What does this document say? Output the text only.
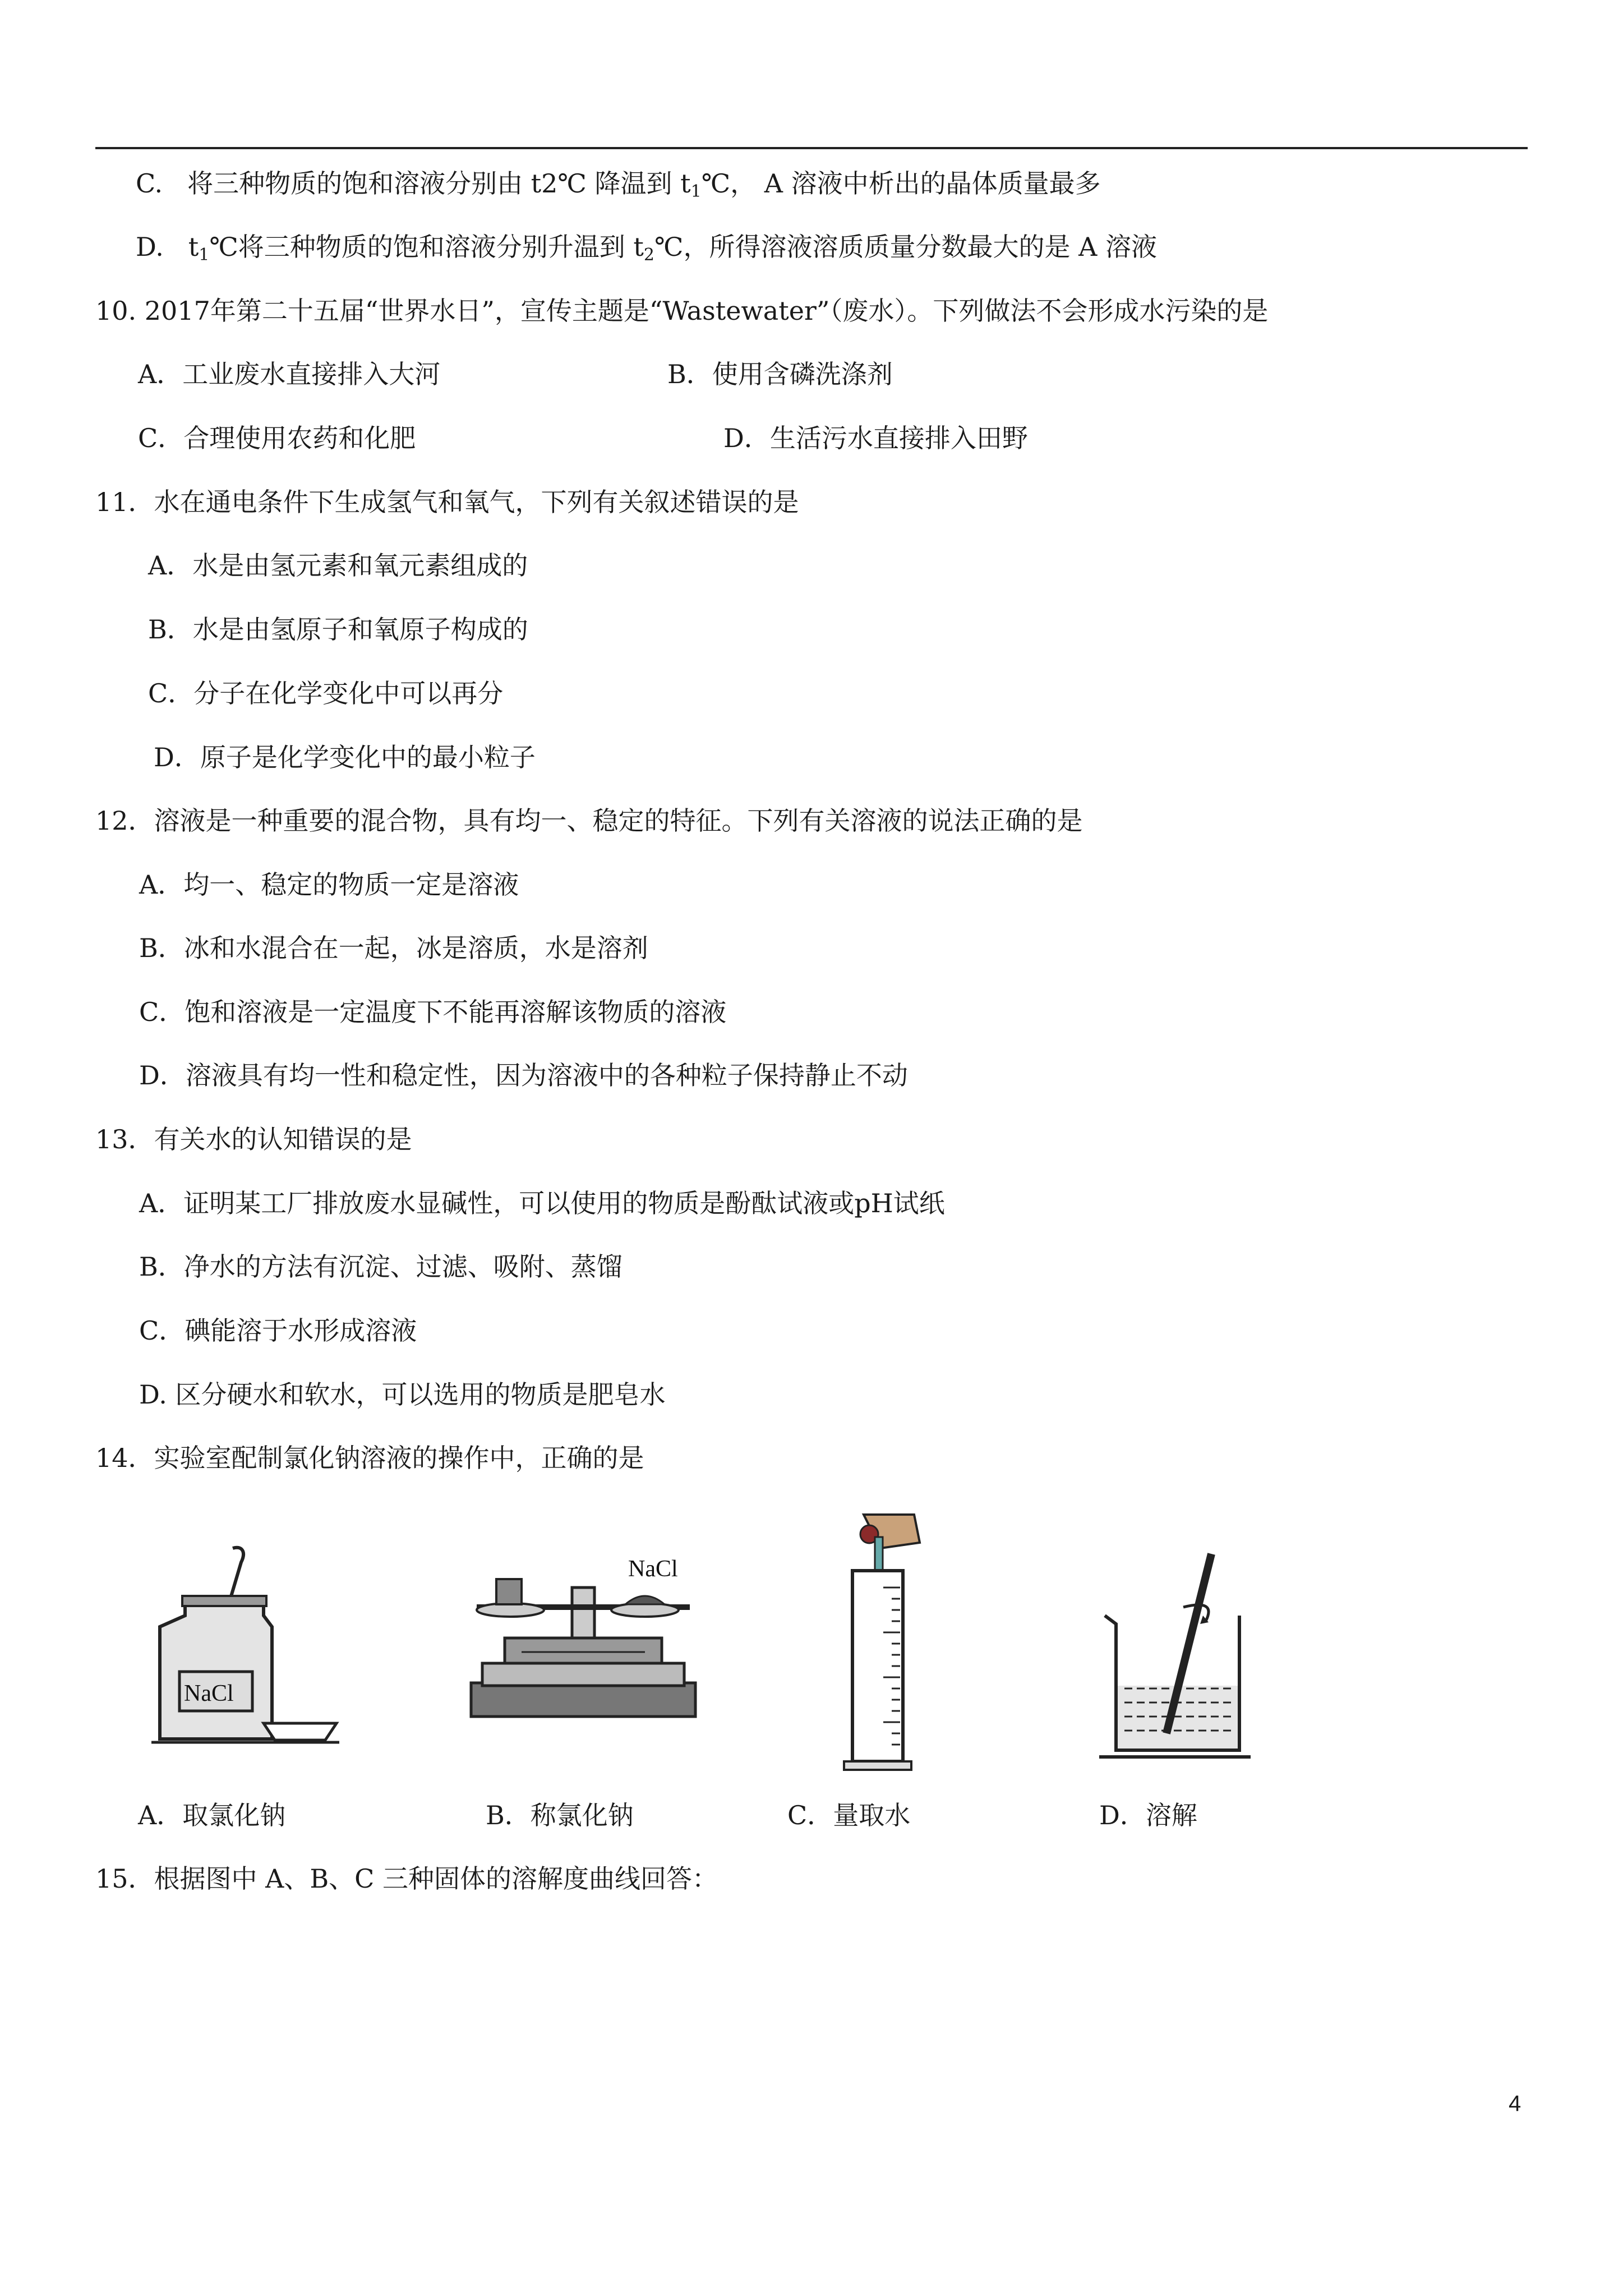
C. 将三种物质的饱和溶液分别由 t2℃ 降温到 $t_1℃$， A 溶液中析出的晶体质量最多
D. $t_1℃$将三种物质的饱和溶液分别升温到 $t_2℃$，所得溶液溶质质量分数最大的是 A 溶液
10. 2017年第二十五届“世界水日”，宣传主题是“Wastewater”（废水）。下列做法不会形成水污染的是
A．工业废水直接排入大河	B．使用含磷洗涤剂
C．合理使用农药和化肥	D．生活污水直接排入田野
11．水在通电条件下生成氢气和氧气，下列有关叙述错误的是
A．水是由氢元素和氧元素组成的
B．水是由氢原子和氧原子构成的
C．分子在化学变化中可以再分
D．原子是化学变化中的最小粒子
12．溶液是一种重要的混合物，具有均一、稳定的特征。下列有关溶液的说法正确的是
A．均一、稳定的物质一定是溶液
B．冰和水混合在一起，冰是溶质，水是溶剂
C．饱和溶液是一定温度下不能再溶解该物质的溶液
D．溶液具有均一性和稳定性，因为溶液中的各种粒子保持静止不动
13．有关水的认知错误的是
A．证明某工厂排放废水显碱性，可以使用的物质是酚酞试液或pH试纸
B．净水的方法有沉淀、过滤、吸附、蒸馏
C．碘能溶于水形成溶液
D. 区分硬水和软水，可以选用的物质是肥皂水
14．实验室配制氯化钠溶液的操作中，正确的是
NaCl
NaCl
A．取氯化钠	B．称氯化钠	C．量取水	D．溶解
15．根据图中 A、B、C 三种固体的溶解度曲线回答：
4
